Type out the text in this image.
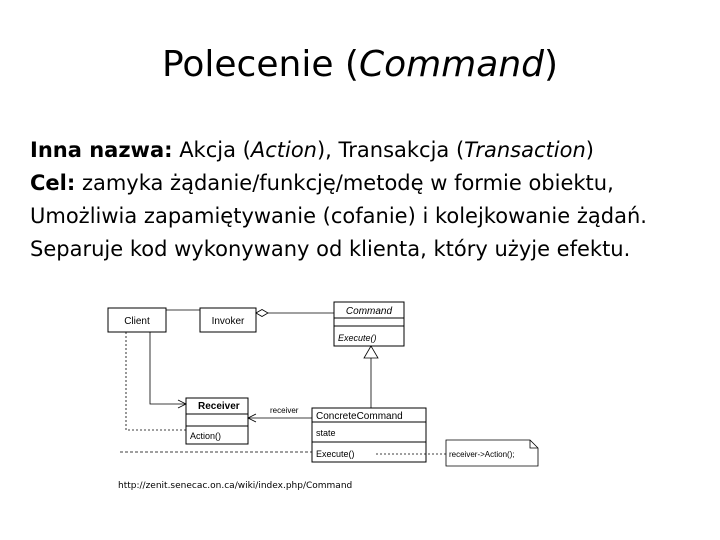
Polecenie (Command)
Inna nazwa: Akcja (Action), Transakcja (Transaction)
Cel: zamyka żądanie/funkcję/metodę w formie obiektu,
Umożliwia zapamiętywanie (cofanie) i kolejkowanie żądań.
Separuje kod wykonywany od klienta, który użyje efektu.
Client	Invoker
Command
Execute()
ConcreteCommand
state
Execute()
Receiver
Action()
receiver
receiver->Action();
http://zenit.senecac.on.ca/wiki/index.php/Command
